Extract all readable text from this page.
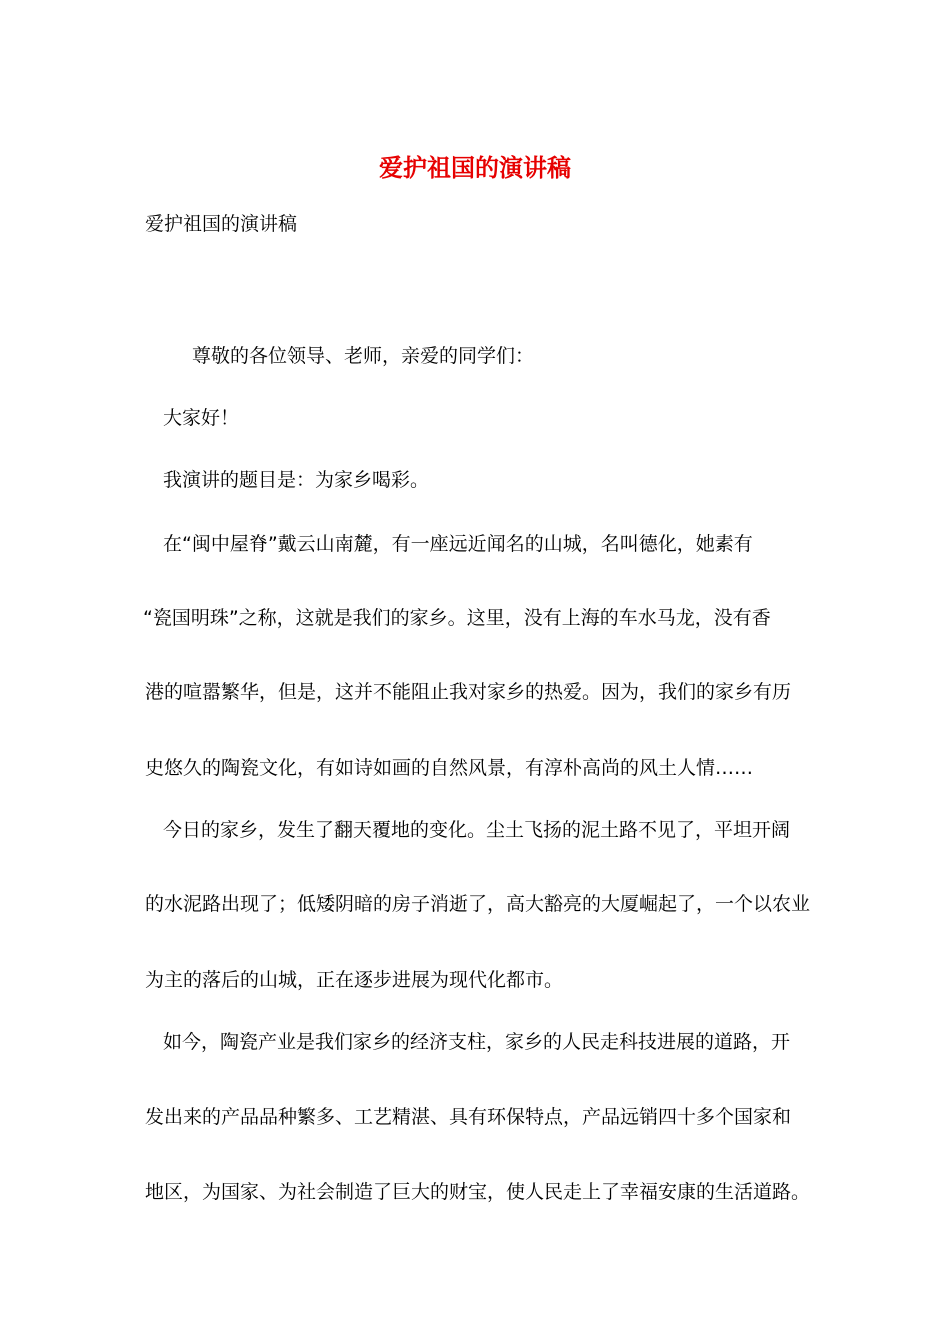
爱护祖国的演讲稿
爱护祖国的演讲稿
尊敬的各位领导、老师，亲爱的同学们：
大家好！
我演讲的题目是：为家乡喝彩。
在“闽中屋脊”戴云山南麓，有一座远近闻名的山城，名叫德化，她素有
“瓷国明珠”之称，这就是我们的家乡。这里，没有上海的车水马龙，没有香
港的喧嚣繁华，但是，这并不能阻止我对家乡的热爱。因为，我们的家乡有历
史悠久的陶瓷文化，有如诗如画的自然风景，有淳朴高尚的风土人情……
今日的家乡，发生了翻天覆地的变化。尘土飞扬的泥土路不见了，平坦开阔
的水泥路出现了；低矮阴暗的房子消逝了，高大豁亮的大厦崛起了，一个以农业
为主的落后的山城，正在逐步进展为现代化都市。
如今，陶瓷产业是我们家乡的经济支柱，家乡的人民走科技进展的道路，开
发出来的产品品种繁多、工艺精湛、具有环保特点，产品远销四十多个国家和
地区，为国家、为社会制造了巨大的财宝，使人民走上了幸福安康的生活道路。
